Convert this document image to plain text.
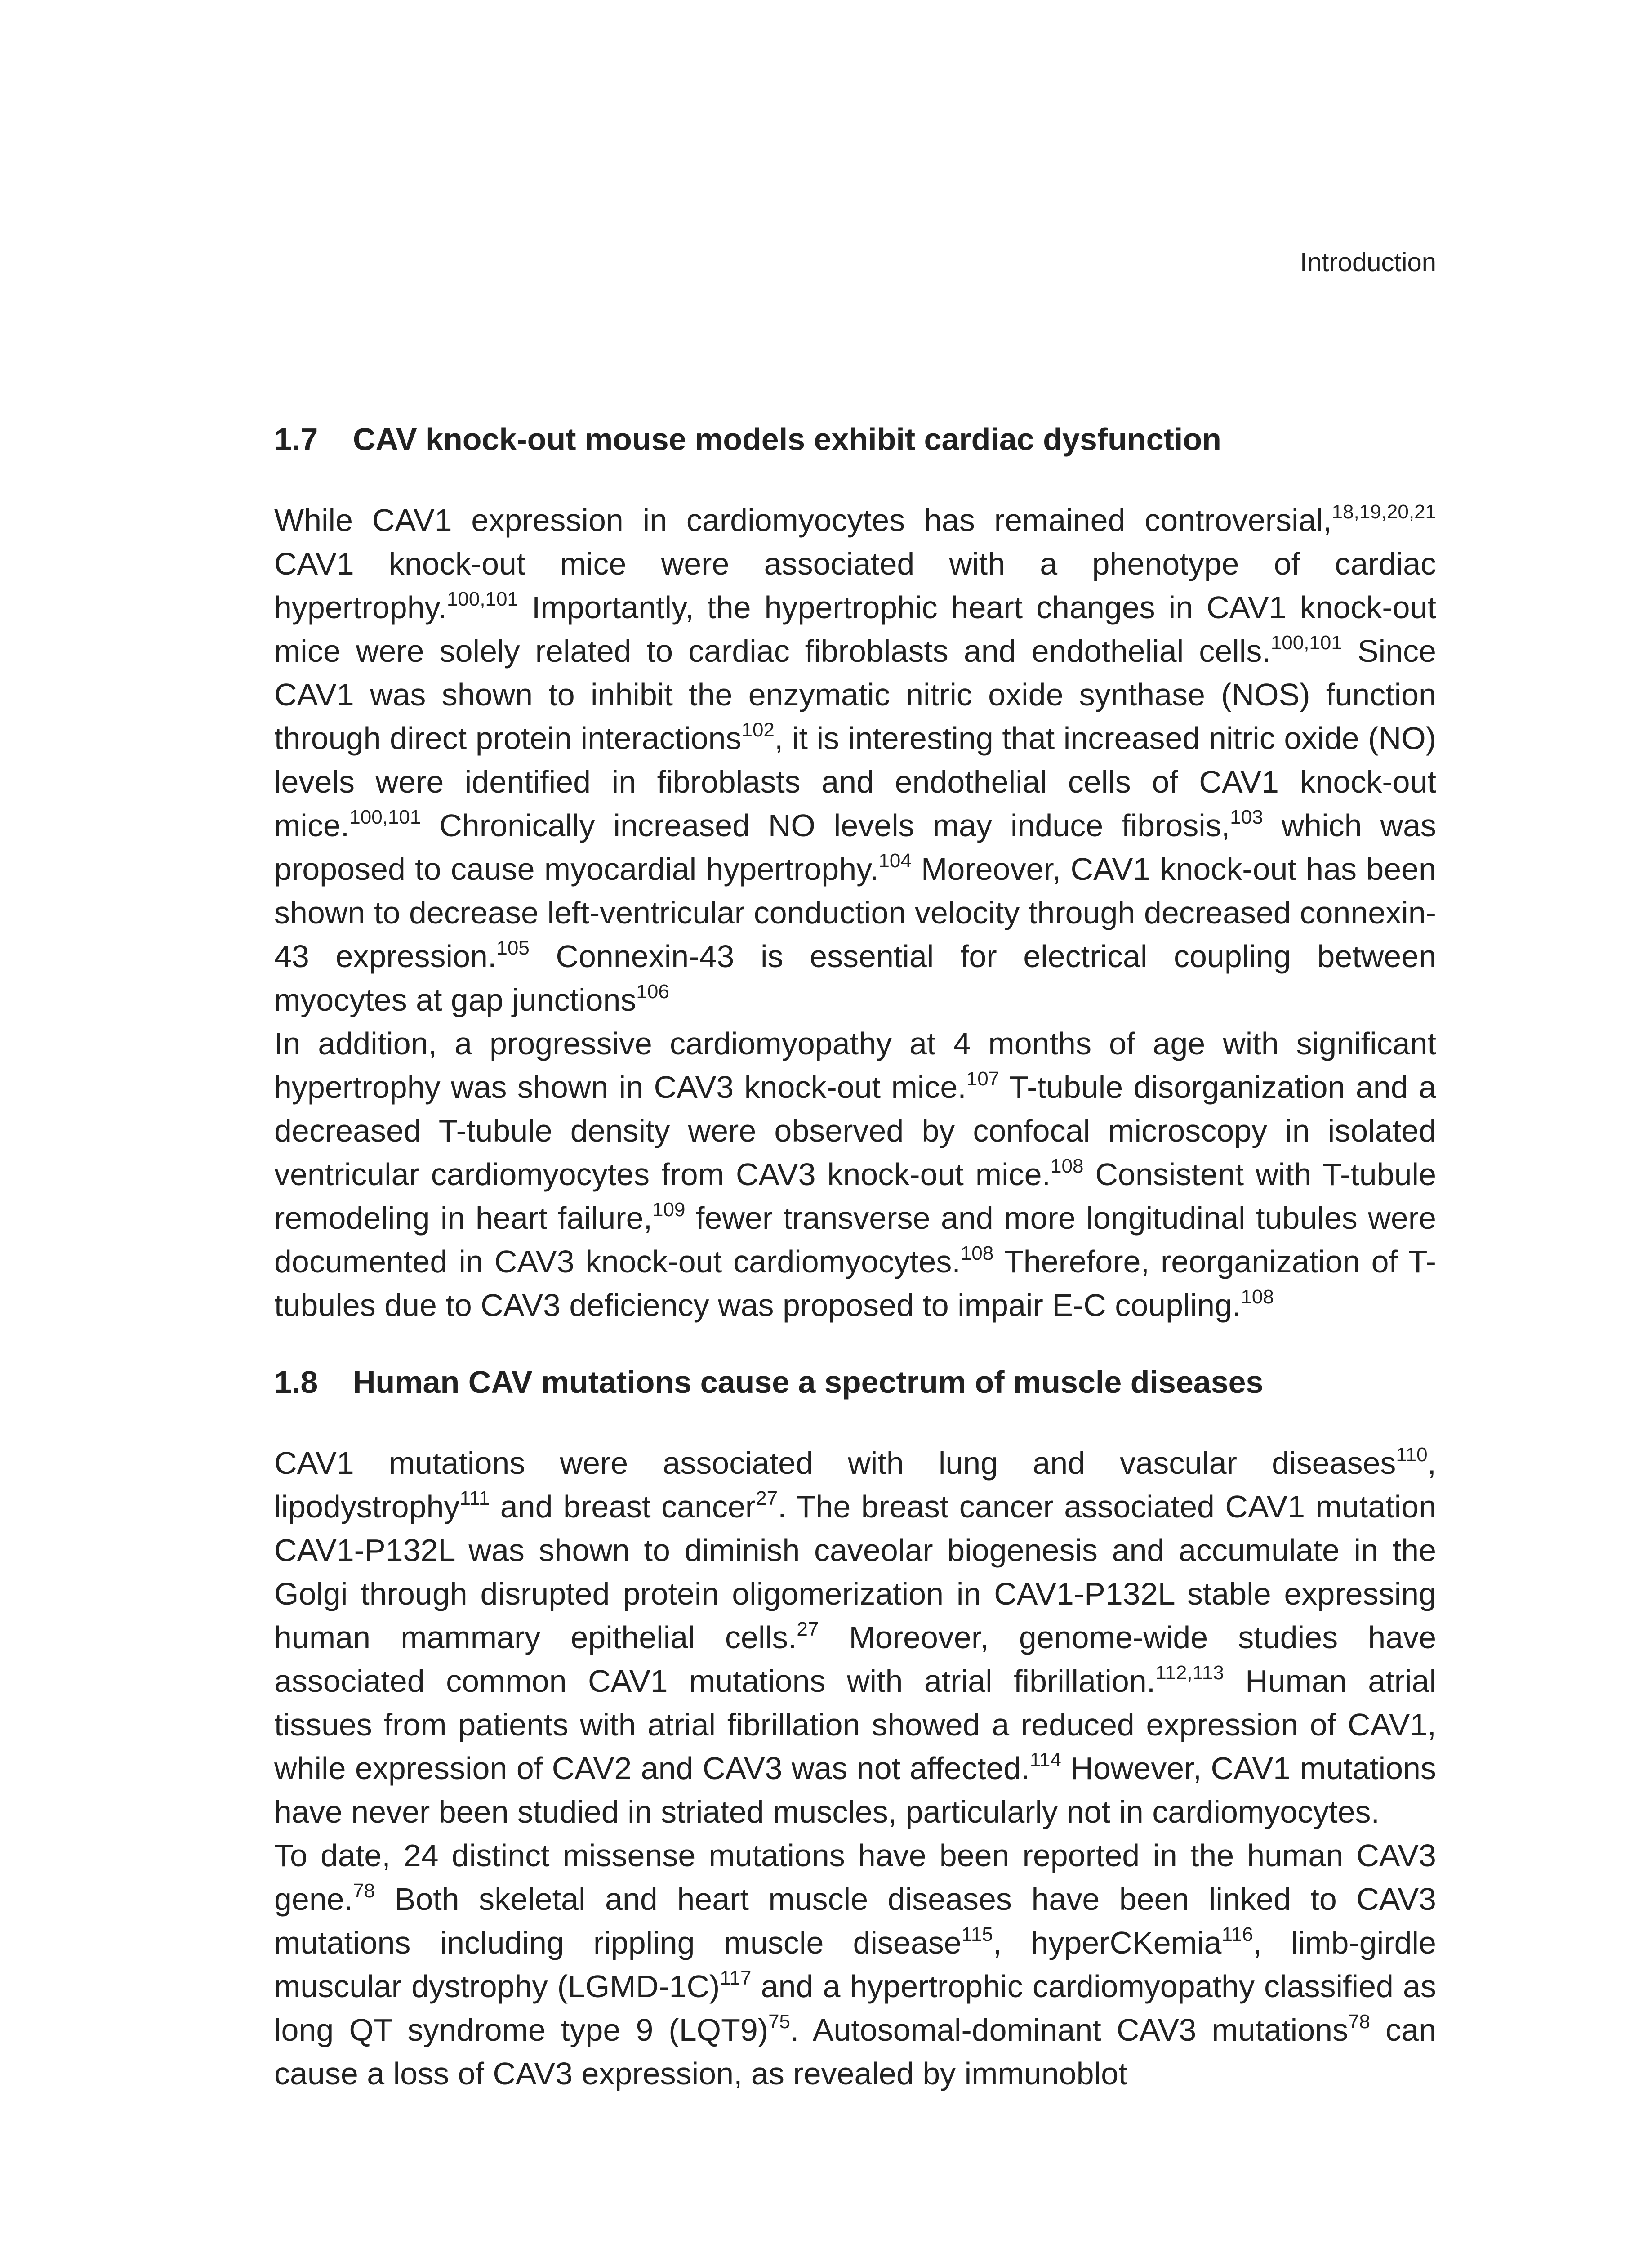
Introduction
1.7 CAV knock-out mouse models exhibit cardiac dysfunction

While CAV1 expression in cardiomyocytes has remained controversial,$^{18,19,20,21}$ CAV1 knock-out mice were associated with a phenotype of cardiac hypertrophy.$^{100,101}$ Importantly, the hypertrophic heart changes in CAV1 knock-out mice were solely related to cardiac fibroblasts and endothelial cells.$^{100,101}$ Since CAV1 was shown to inhibit the enzymatic nitric oxide synthase (NOS) function through direct protein interactions$^{102}$, it is interesting that increased nitric oxide (NO) levels were identified in fibroblasts and endothelial cells of CAV1 knock-out mice.$^{100,101}$ Chronically increased NO levels may induce fibrosis,$^{103}$ which was proposed to cause myocardial hypertrophy.$^{104}$ Moreover, CAV1 knock-out has been shown to decrease left-ventricular conduction velocity through decreased connexin-43 expression.$^{105}$ Connexin-43 is essential for electrical coupling between myocytes at gap junctions$^{106}$

In addition, a progressive cardiomyopathy at 4 months of age with significant hypertrophy was shown in CAV3 knock-out mice.$^{107}$ T-tubule disorganization and a decreased T-tubule density were observed by confocal microscopy in isolated ventricular cardiomyocytes from CAV3 knock-out mice.$^{108}$ Consistent with T-tubule remodeling in heart failure,$^{109}$ fewer transverse and more longitudinal tubules were documented in CAV3 knock-out cardiomyocytes.$^{108}$ Therefore, reorganization of T-tubules due to CAV3 deficiency was proposed to impair E-C coupling.$^{108}$

1.8 Human CAV mutations cause a spectrum of muscle diseases

CAV1 mutations were associated with lung and vascular diseases$^{110}$, lipodystrophy$^{111}$ and breast cancer$^{27}$. The breast cancer associated CAV1 mutation CAV1-P132L was shown to diminish caveolar biogenesis and accumulate in the Golgi through disrupted protein oligomerization in CAV1-P132L stable expressing human mammary epithelial cells.$^{27}$ Moreover, genome-wide studies have associated common CAV1 mutations with atrial fibrillation.$^{112,113}$ Human atrial tissues from patients with atrial fibrillation showed a reduced expression of CAV1, while expression of CAV2 and CAV3 was not affected.$^{114}$ However, CAV1 mutations have never been studied in striated muscles, particularly not in cardiomyocytes.

To date, 24 distinct missense mutations have been reported in the human CAV3 gene.$^{78}$ Both skeletal and heart muscle diseases have been linked to CAV3 mutations including rippling muscle disease$^{115}$, hyperCKemia$^{116}$, limb-girdle muscular dystrophy (LGMD-1C)$^{117}$ and a hypertrophic cardiomyopathy classified as long QT syndrome type 9 $(LQT9)^{75}$. Autosomal-dominant CAV3 mutations$^{78}$ can cause a loss of CAV3 expression, as revealed by immunoblot
